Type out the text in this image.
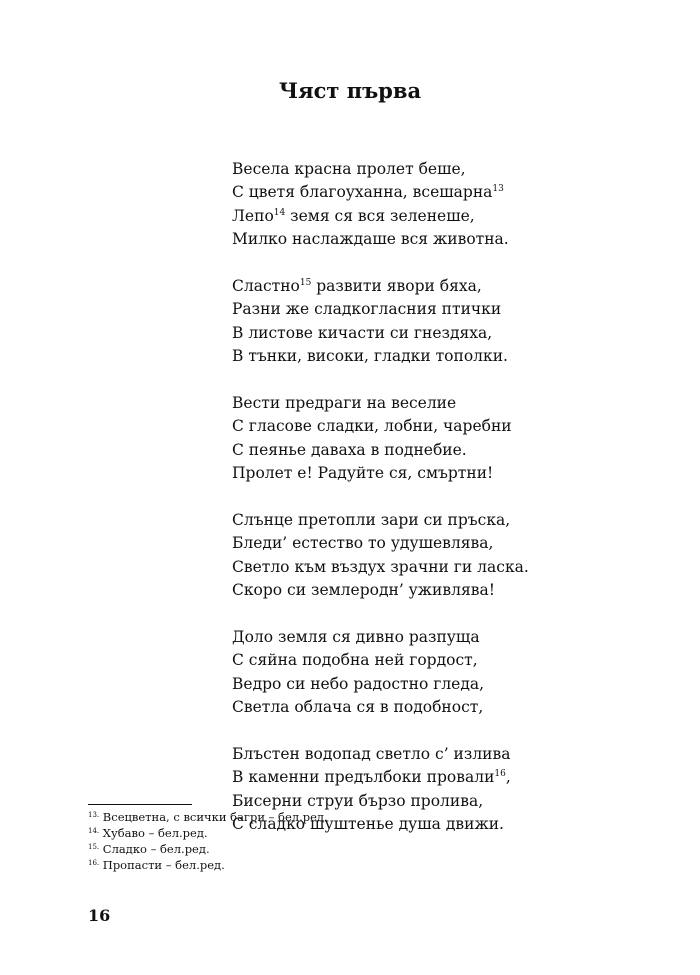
Чяст първа
Весела красна пролет беше,
С цветя благоуханна, всешарна$^{13}$
Лепо$^{14}$ земя ся вся зеленеше,
Милко наслаждаше вся животна.
Сластно$^{15}$ развити явори бяха,
Разни же сладкогласния птички
В листове кичасти си гнездяха,
В тънки, високи, гладки тополки.
Вести предраги на веселие
С гласове сладки, лобни, чаребни
С пеянье даваха в поднебие.
Пролет е! Радуйте ся, смъртни!
Слънце претопли зари си пръска,
Бледи’ естество то удушевлява,
Светло към въздух зрачни ги ласка.
Скоро си землеродн’ уживлява!
Доло земля ся дивно разпуща
С сяйна подобна ней гордост,
Ведро си небо радостно гледа,
Светла облача ся в подобност,
Блъстен водопад светло с’ излива
В каменни предълбоки провали$^{16}$,
Бисерни струи бързо пролива,
С сладко шуштенье душа движи.
$^{13.}$ Всецветна, с всички багри – бел.ред.
$^{14.}$ Хубаво – бел.ред.
$^{15.}$ Сладко – бел.ред.
$^{16.}$ Пропасти – бел.ред.
16
